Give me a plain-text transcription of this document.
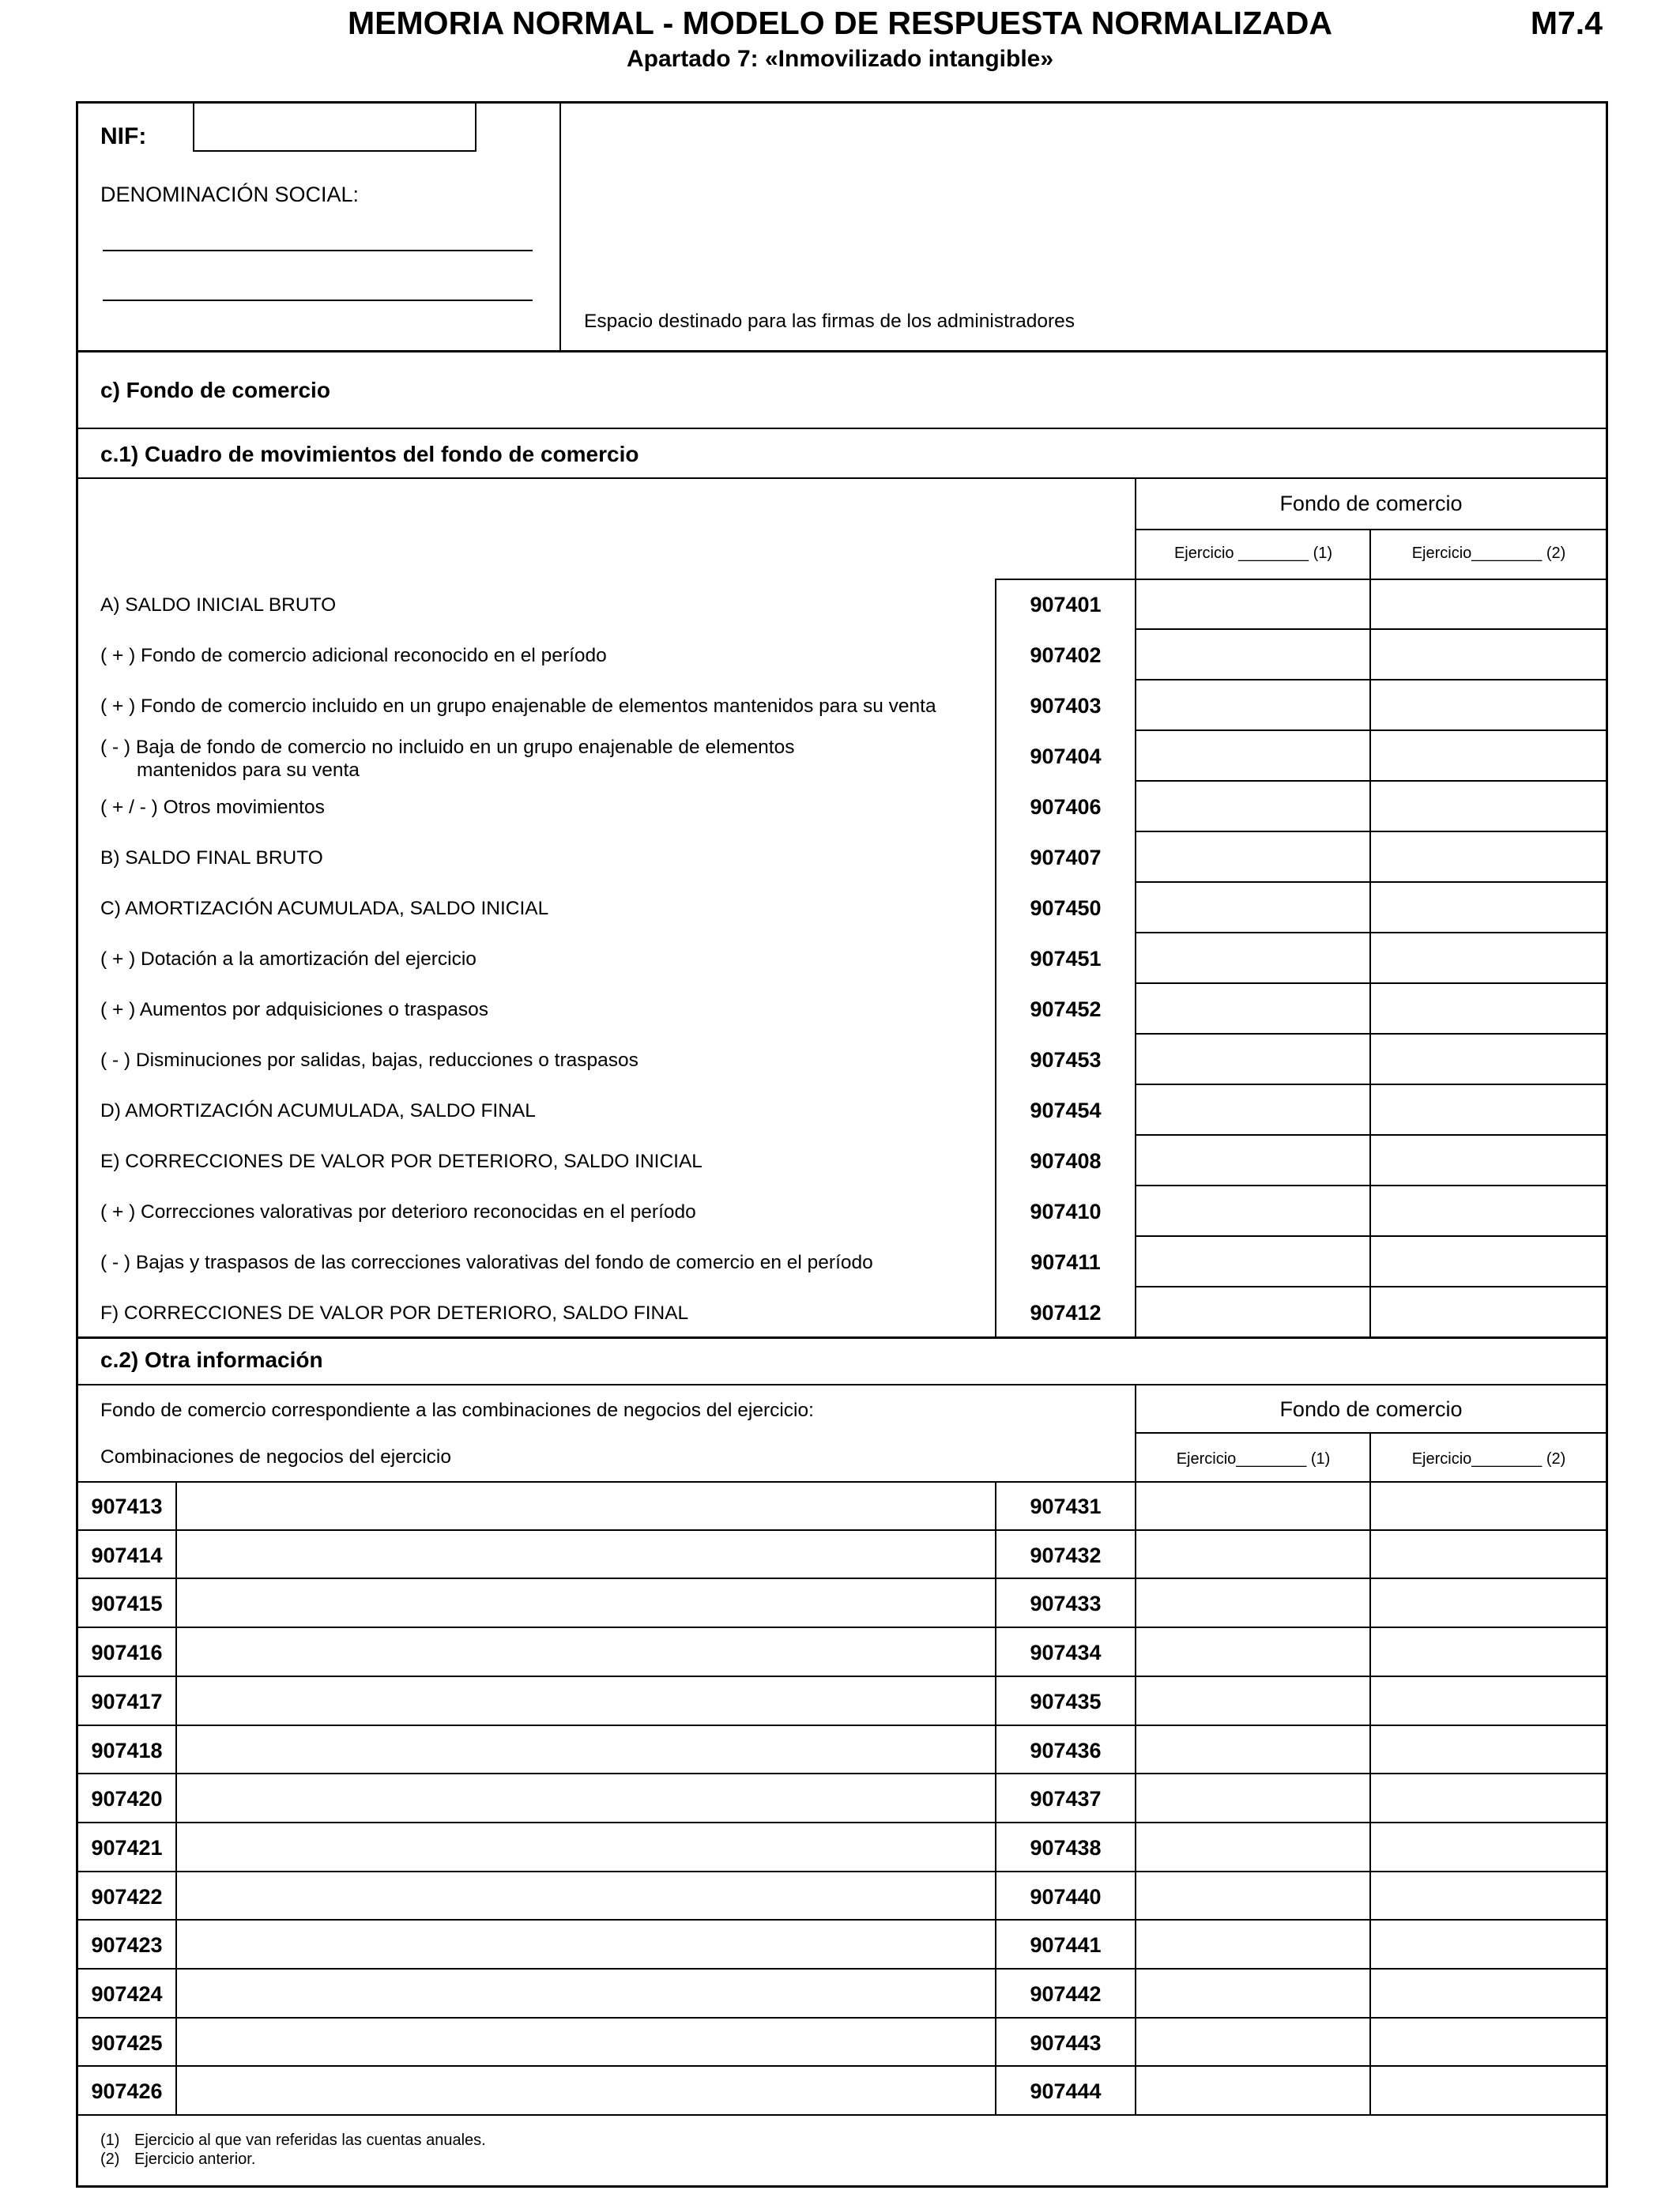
MEMORIA NORMAL - MODELO DE RESPUESTA NORMALIZADA	M7.4
Apartado 7: «Inmovilizado intangible»
NIF:
DENOMINACIÓN SOCIAL:
Espacio destinado para las firmas de los administradores
c) Fondo de comercio
c.1) Cuadro de movimientos del fondo de comercio
Fondo de comercio
Ejercicio ________ (1)	Ejercicio________ (2)
A) SALDO INICIAL BRUTO	907401
( + ) Fondo de comercio adicional reconocido en el período	907402
( + ) Fondo de comercio incluido en un grupo enajenable de elementos mantenidos para su venta	907403
( - ) Baja de fondo de comercio no incluido en un grupo enajenable de elementos
mantenidos para su venta
907404
( + / - ) Otros movimientos	907406
B) SALDO FINAL BRUTO	907407
C) AMORTIZACIÓN ACUMULADA, SALDO INICIAL	907450
( + ) Dotación a la amortización del ejercicio	907451
( + ) Aumentos por adquisiciones o traspasos	907452
( - ) Disminuciones por salidas, bajas, reducciones o traspasos	907453
D) AMORTIZACIÓN ACUMULADA, SALDO FINAL	907454
E) CORRECCIONES DE VALOR POR DETERIORO, SALDO INICIAL	907408
( + ) Correcciones valorativas por deterioro reconocidas en el período	907410
( - ) Bajas y traspasos de las correcciones valorativas del fondo de comercio en el período	907411
F) CORRECCIONES DE VALOR POR DETERIORO, SALDO FINAL	907412
c.2) Otra información
Fondo de comercio correspondiente a las combinaciones de negocios del ejercicio:
Combinaciones de negocios del ejercicio
Fondo de comercio
Ejercicio________ (1)	Ejercicio________ (2)
907413	907431
907414	907432
907415	907433
907416	907434
907417	907435
907418	907436
907420	907437
907421	907438
907422	907440
907423	907441
907424	907442
907425	907443
907426	907444
(1) Ejercicio al que van referidas las cuentas anuales.
(2) Ejercicio anterior.
